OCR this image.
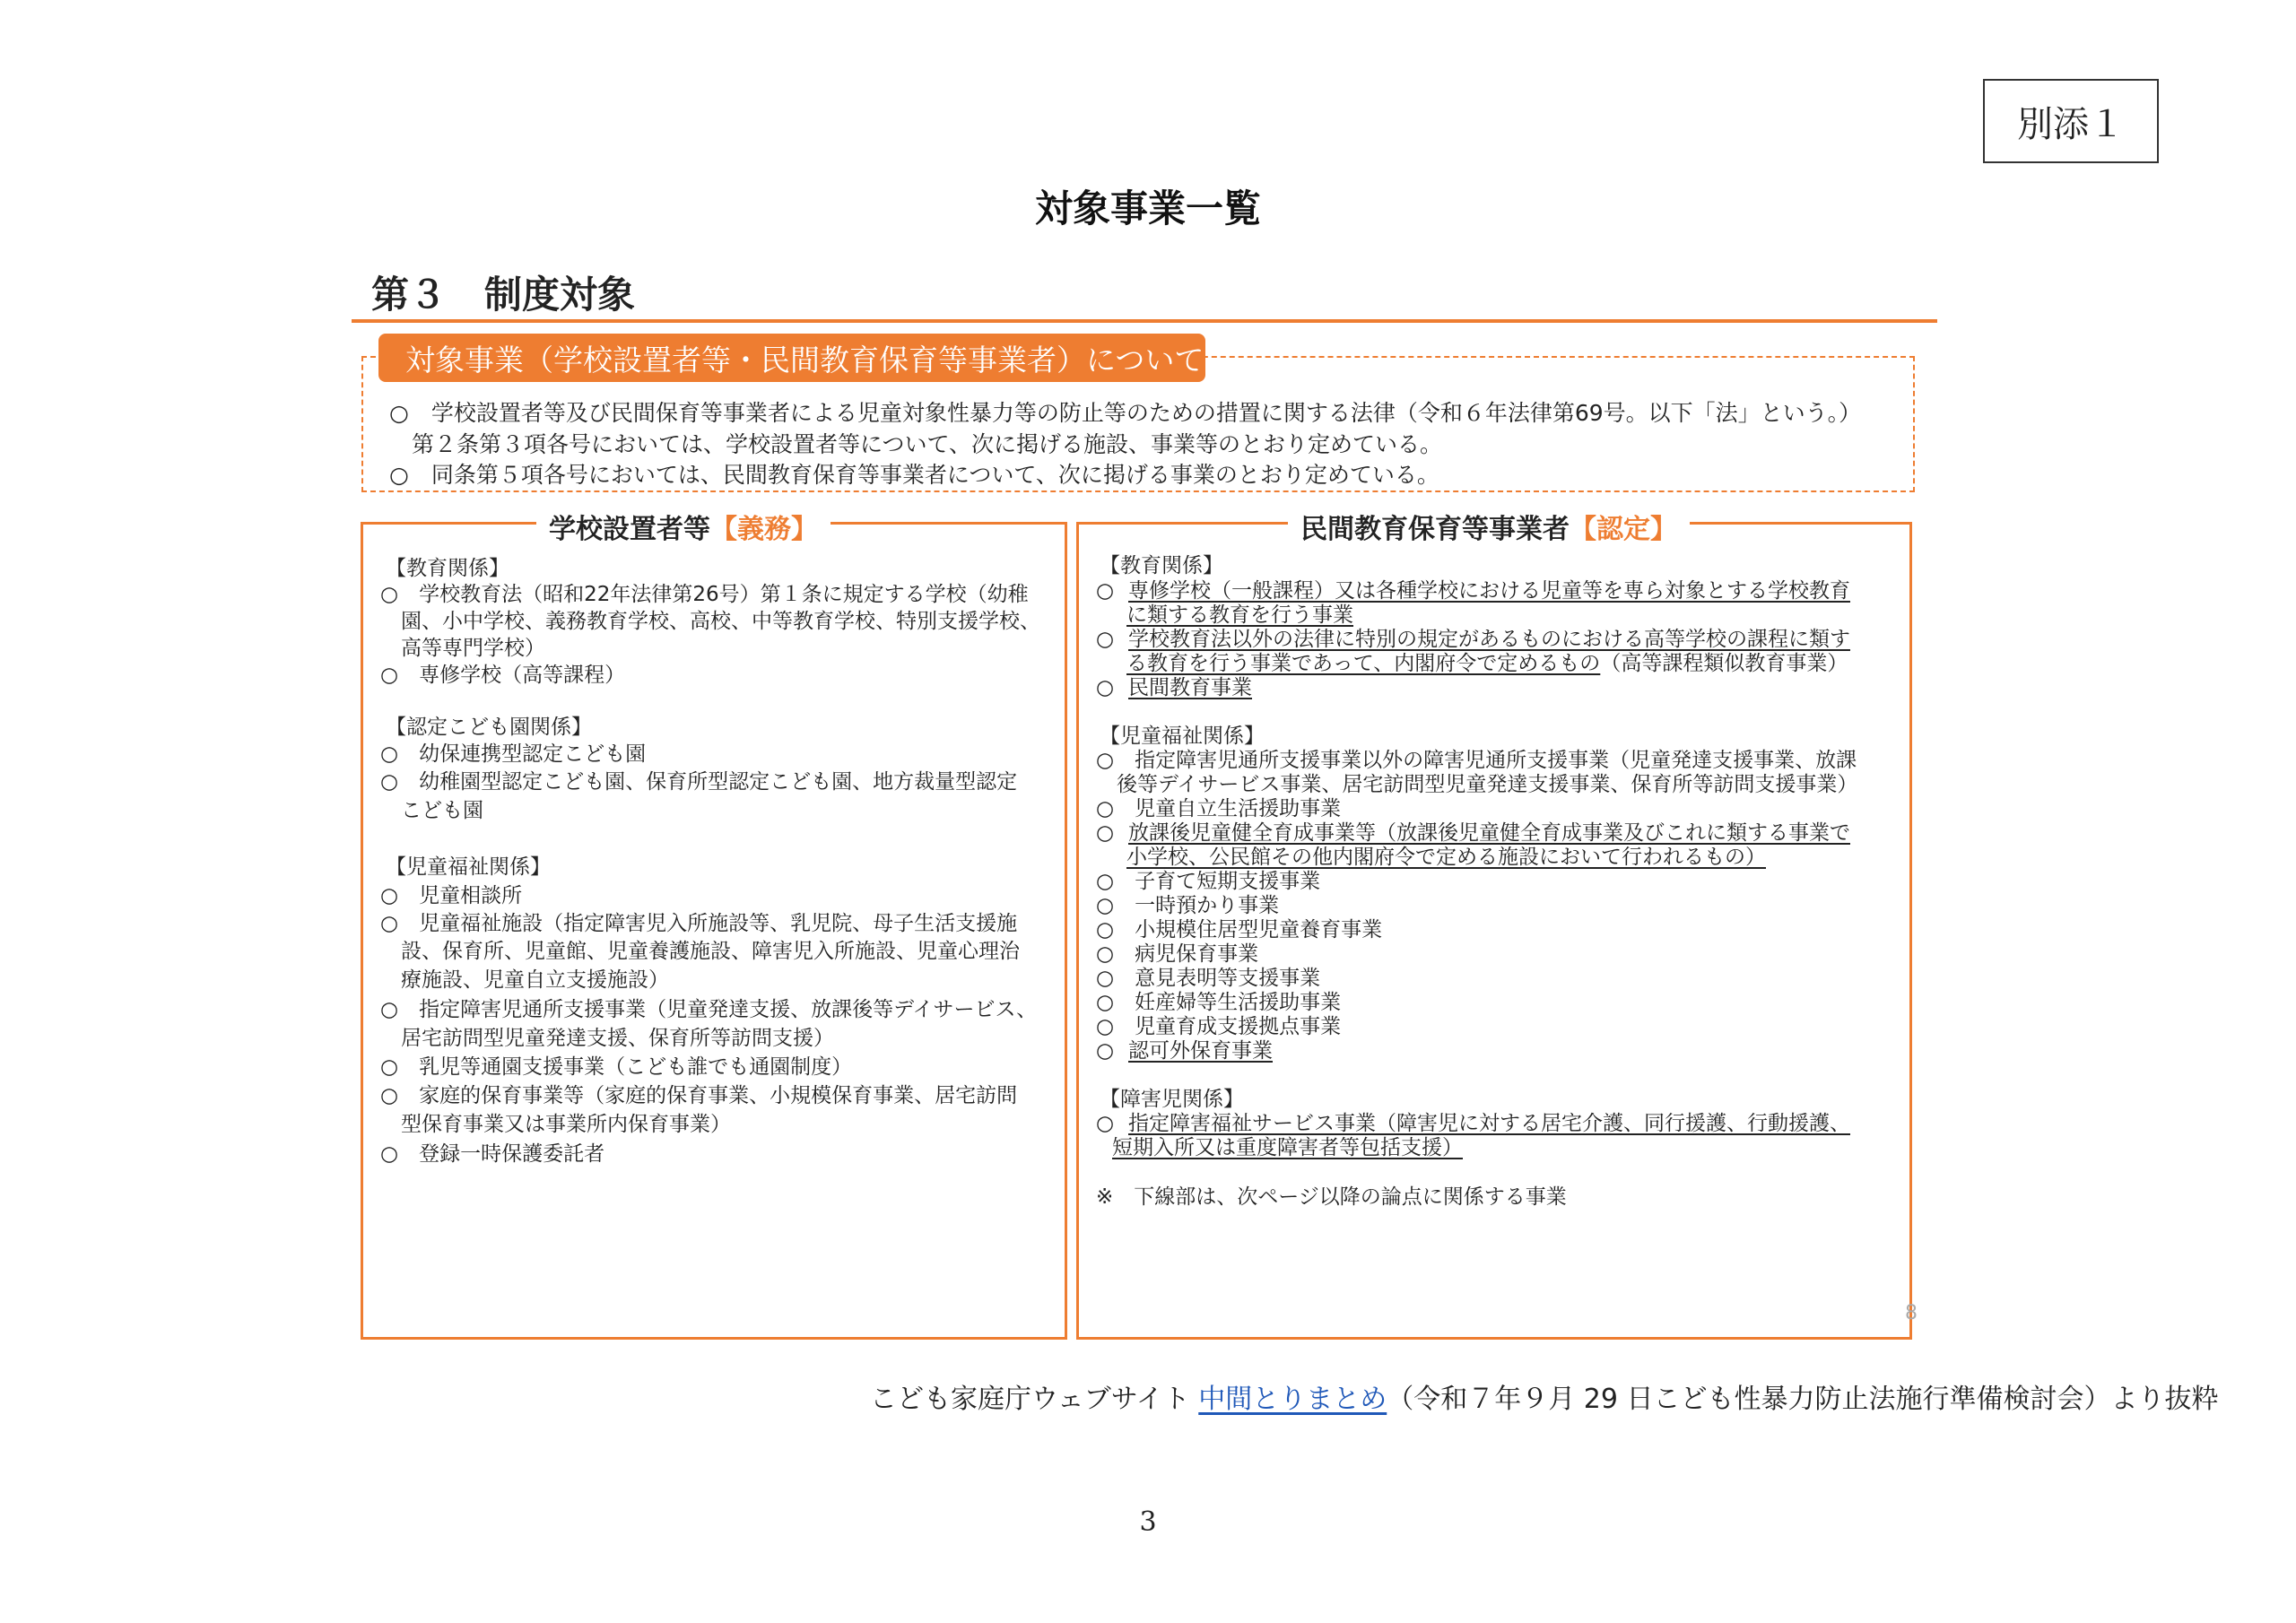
別添１
対象事業一覧
第３　制度対象
対象事業（学校設置者等・民間教育保育等事業者）について
○　学校設置者等及び民間保育等事業者による児童対象性暴力等の防止等のための措置に関する法律（令和６年法律第69号。以下「法」という。）
　第２条第３項各号においては、学校設置者等について、次に掲げる施設、事業等のとおり定めている。
○　同条第５項各号においては、民間教育保育等事業者について、次に掲げる事業のとおり定めている。
学校設置者等【義務】
【教育関係】
○　学校教育法（昭和22年法律第26号）第１条に規定する学校（幼稚
　園、小中学校、義務教育学校、高校、中等教育学校、特別支援学校、
　高等専門学校）
○　専修学校（高等課程）
【認定こども園関係】
○　幼保連携型認定こども園
○　幼稚園型認定こども園、保育所型認定こども園、地方裁量型認定
　こども園
【児童福祉関係】
○　児童相談所
○　児童福祉施設（指定障害児入所施設等、乳児院、母子生活支援施
　設、保育所、児童館、児童養護施設、障害児入所施設、児童心理治
　療施設、児童自立支援施設）
○　指定障害児通所支援事業（児童発達支援、放課後等デイサービス、
　居宅訪問型児童発達支援、保育所等訪問支援）
○　乳児等通園支援事業（こども誰でも通園制度）
○　家庭的保育事業等（家庭的保育事業、小規模保育事業、居宅訪問
　型保育事業又は事業所内保育事業）
○　登録一時保護委託者
民間教育保育等事業者【認定】
【教育関係】
○ 専修学校（一般課程）又は各種学校における児童等を専ら対象とする学校教育
に類する教育を行う事業
○ 学校教育法以外の法律に特別の規定があるものにおける高等学校の課程に類す
る教育を行う事業であって、内閣府令で定めるもの（高等課程類似教育事業）
○ 民間教育事業
【児童福祉関係】
○　指定障害児通所支援事業以外の障害児通所支援事業（児童発達支援事業、放課
　後等デイサービス事業、居宅訪問型児童発達支援事業、保育所等訪問支援事業）
○　児童自立生活援助事業
○ 放課後児童健全育成事業等（放課後児童健全育成事業及びこれに類する事業で
小学校、公民館その他内閣府令で定める施設において行われるもの）
○　子育て短期支援事業
○　一時預かり事業
○　小規模住居型児童養育事業
○　病児保育事業
○　意見表明等支援事業
○　妊産婦等生活援助事業
○　児童育成支援拠点事業
○ 認可外保育事業
【障害児関係】
○ 指定障害福祉サービス事業（障害児に対する居宅介護、同行援護、行動援護、
短期入所又は重度障害者等包括支援）
※　下線部は、次ページ以降の論点に関係する事業
8
こども家庭庁ウェブサイト 中間とりまとめ（令和７年９月 29 日こども性暴力防止法施行準備検討会）より抜粋
3
